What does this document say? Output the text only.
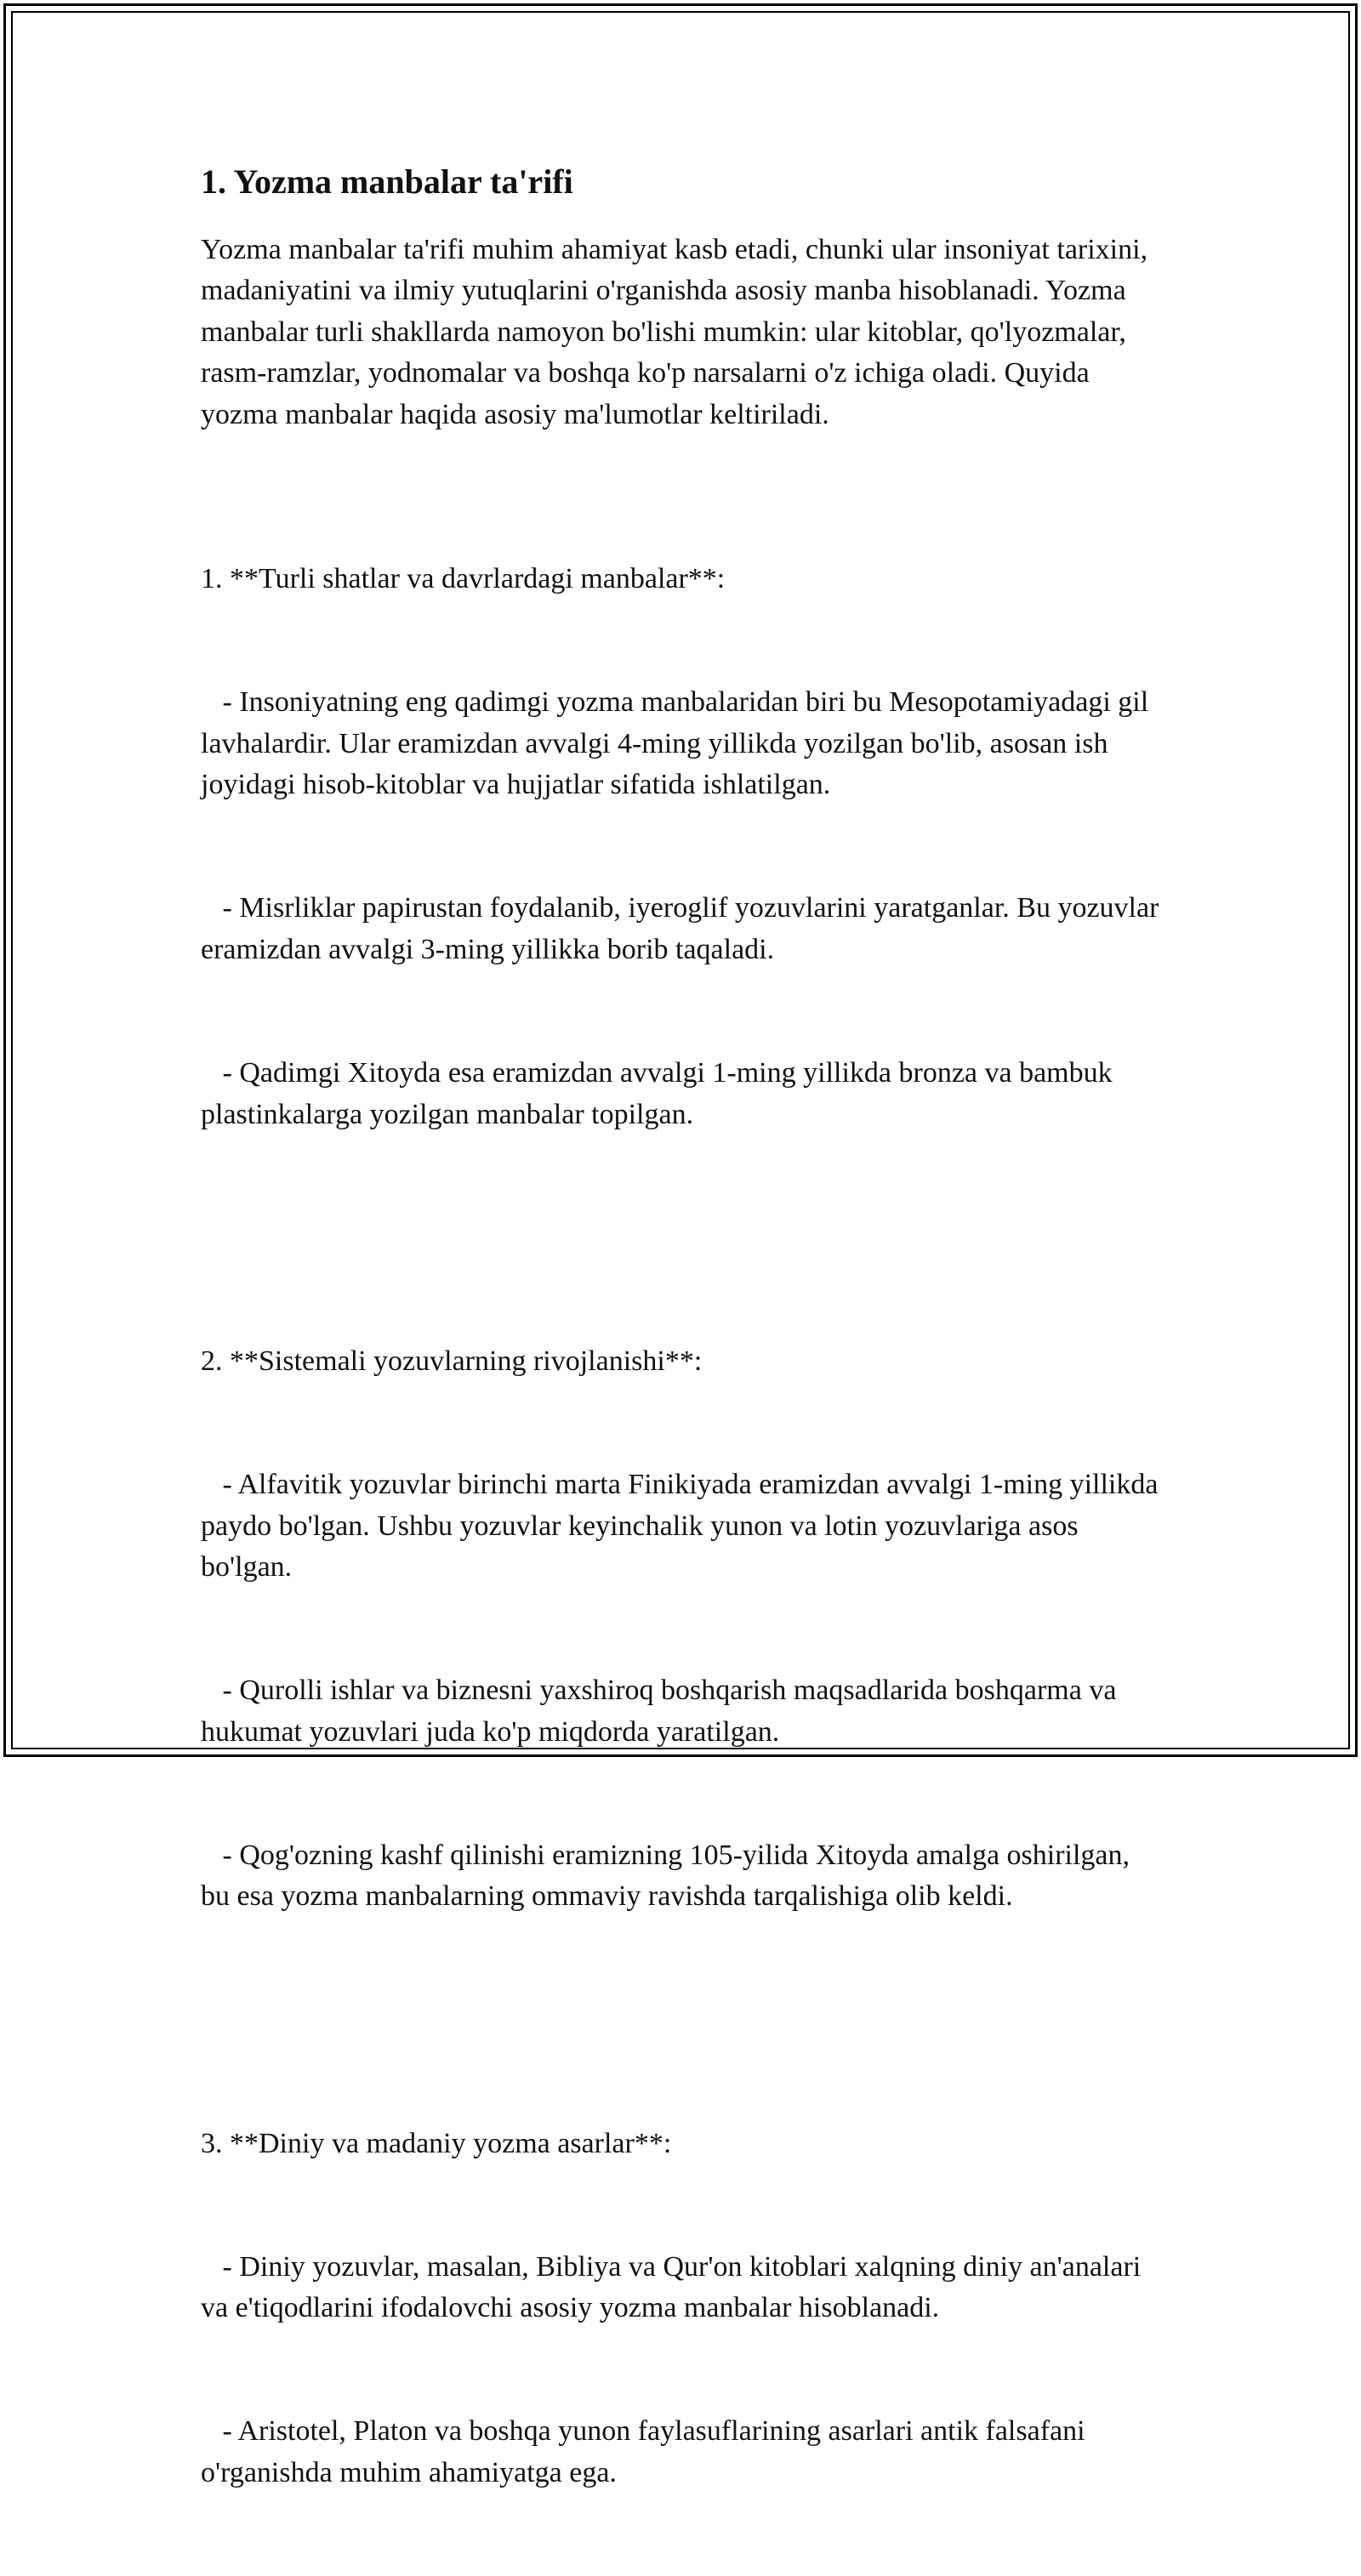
1. Yozma manbalar ta'rifi

Yozma manbalar ta'rifi muhim ahamiyat kasb etadi, chunki ular insoniyat tarixini, madaniyatini va ilmiy yutuqlarini o'rganishda asosiy manba hisoblanadi. Yozma manbalar turli shakllarda namoyon bo'lishi mumkin: ular kitoblar, qo'lyozmalar, rasm-ramzlar, yodnomalar va boshqa ko'p narsalarni o'z ichiga oladi. Quyida yozma manbalar haqida asosiy ma'lumotlar keltiriladi.

1. **Turli shatlar va davrlardagi manbalar**:

- Insoniyatning eng qadimgi yozma manbalaridan biri bu Mesopotamiyadagi gil lavhalardir. Ular eramizdan avvalgi 4-ming yillikda yozilgan bo'lib, asosan ish joyidagi hisob-kitoblar va hujjatlar sifatida ishlatilgan.

- Misrliklar papirustan foydalanib, iyeroglif yozuvlarini yaratganlar. Bu yozuvlar eramizdan avvalgi 3-ming yillikka borib taqaladi.

- Qadimgi Xitoyda esa eramizdan avvalgi 1-ming yillikda bronza va bambuk plastinkalarga yozilgan manbalar topilgan.

2. **Sistemali yozuvlarning rivojlanishi**:

- Alfavitik yozuvlar birinchi marta Finikiyada eramizdan avvalgi 1-ming yillikda paydo bo'lgan. Ushbu yozuvlar keyinchalik yunon va lotin yozuvlariga asos bo'lgan.

- Qurolli ishlar va biznesni yaxshiroq boshqarish maqsadlarida boshqarma va hukumat yozuvlari juda ko'p miqdorda yaratilgan.

- Qog'ozning kashf qilinishi eramizning 105-yilida Xitoyda amalga oshirilgan, bu esa yozma manbalarning ommaviy ravishda tarqalishiga olib keldi.

3. **Diniy va madaniy yozma asarlar**:

- Diniy yozuvlar, masalan, Bibliya va Qur'on kitoblari xalqning diniy an'analari va e'tiqodlarini ifodalovchi asosiy yozma manbalar hisoblanadi.

- Aristotel, Platon va boshqa yunon faylasuflarining asarlari antik falsafani o'rganishda muhim ahamiyatga ega.
